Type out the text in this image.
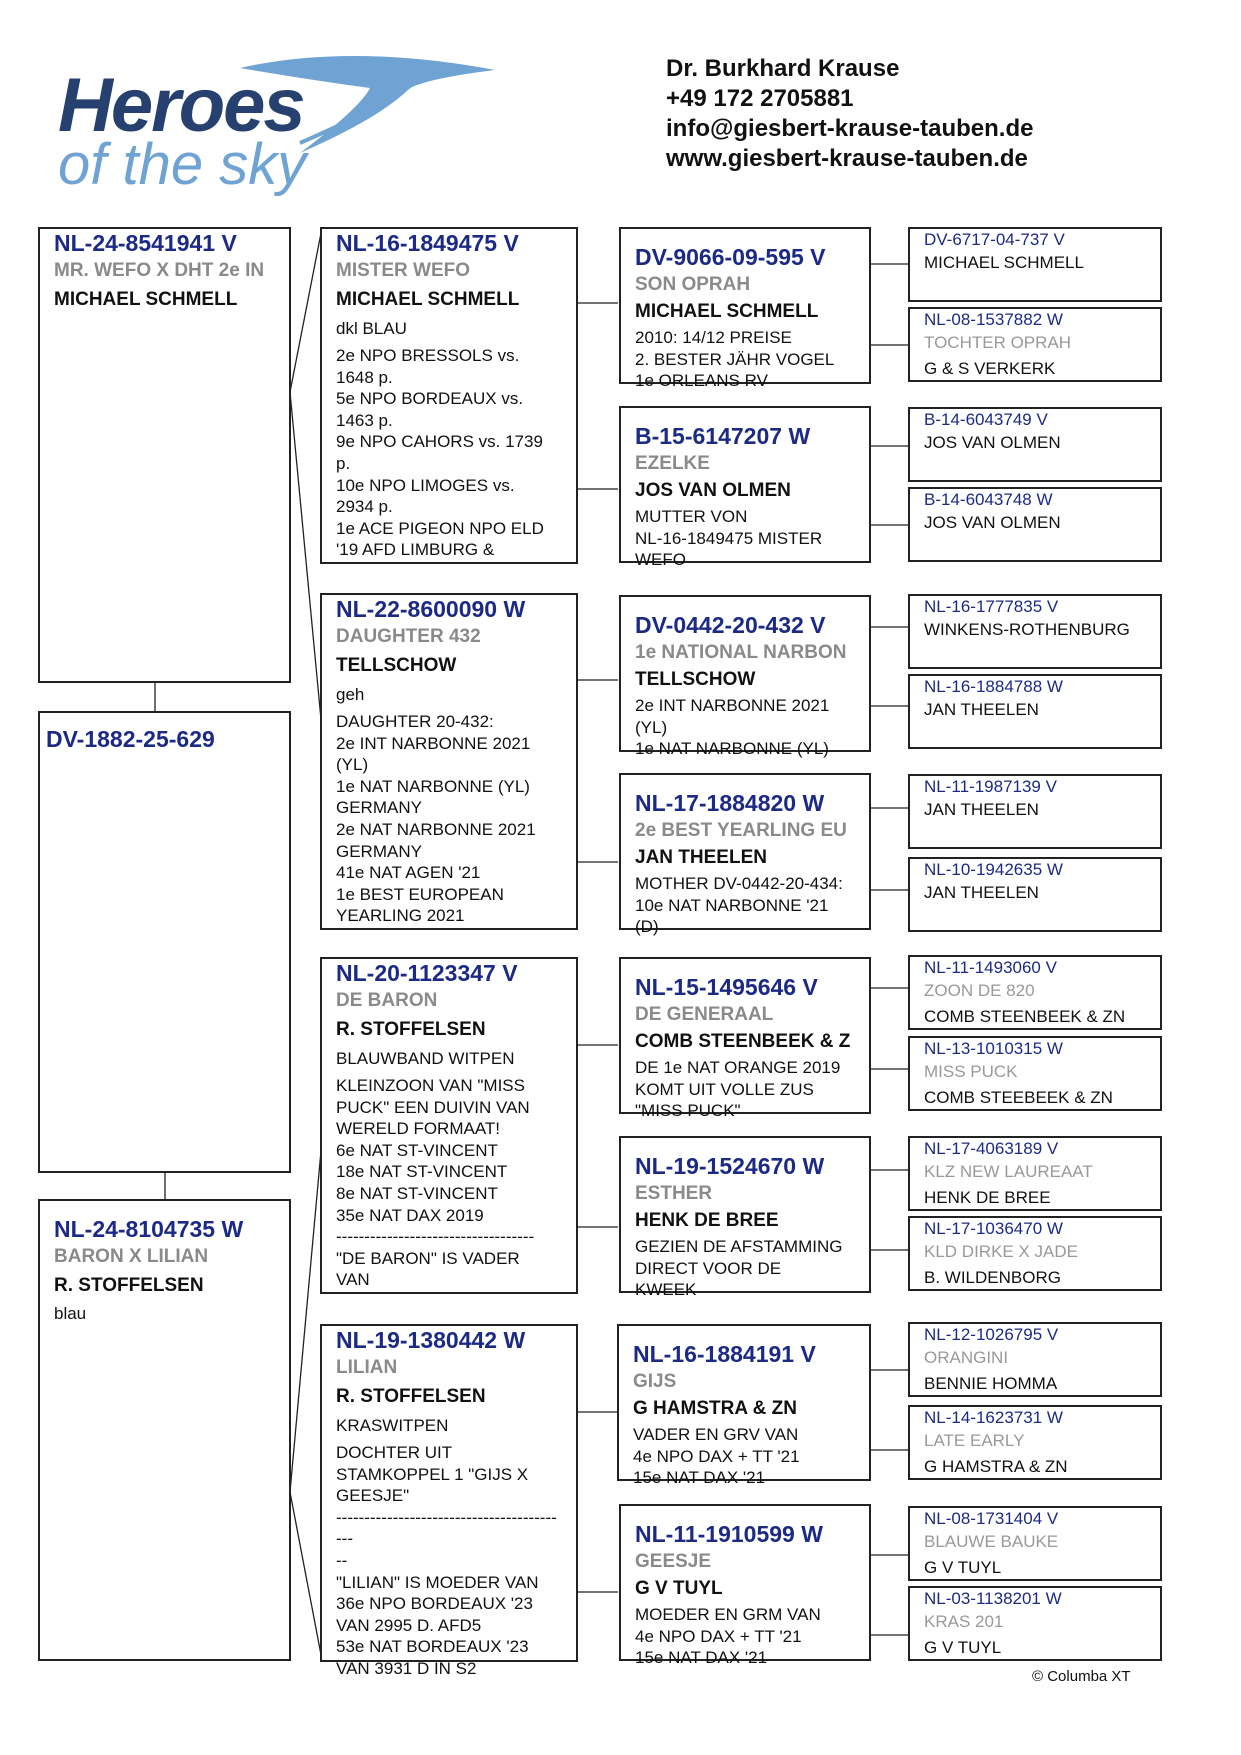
Heroes
of the sky
Dr. Burkhard Krause
+49 172 2705881
info@giesbert-krause-tauben.de
www.giesbert-krause-tauben.de
NL-24-8541941 V
MR. WEFO X DHT 2e IN
MICHAEL SCHMELL
DV-1882-25-629
NL-24-8104735 W
BARON X LILIAN
R. STOFFELSEN
blau
NL-16-1849475 V
MISTER WEFO
MICHAEL SCHMELL
dkl BLAU
2e NPO BRESSOLS vs.
1648 p.
5e NPO BORDEAUX vs.
1463 p.
9e NPO CAHORS vs. 1739
p.
10e NPO LIMOGES vs.
2934 p.
1e ACE PIGEON NPO ELD
'19 AFD LIMBURG &
NL-22-8600090 W
DAUGHTER 432
TELLSCHOW
geh
DAUGHTER 20-432:
2e INT NARBONNE 2021
(YL)
1e NAT NARBONNE (YL)
GERMANY
2e NAT NARBONNE 2021
GERMANY
41e NAT AGEN '21
1e BEST EUROPEAN
YEARLING 2021
NL-20-1123347 V
DE BARON
R. STOFFELSEN
BLAUWBAND WITPEN
KLEINZOON VAN "MISS
PUCK" EEN DUIVIN VAN
WERELD FORMAAT!
6e NAT ST-VINCENT
18e NAT ST-VINCENT
8e NAT ST-VINCENT
35e NAT DAX 2019
-----------------------------------
"DE BARON" IS VADER
VAN
NL-19-1380442 W
LILIAN
R. STOFFELSEN
KRASWITPEN
DOCHTER UIT
STAMKOPPEL 1 "GIJS X
GEESJE"
------------------------------------------
--
"LILIAN" IS MOEDER VAN
36e NPO BORDEAUX '23
VAN 2995 D. AFD5
53e NAT BORDEAUX '23
VAN 3931 D IN S2
DV-9066-09-595 V
SON OPRAH
MICHAEL SCHMELL
2010: 14/12 PREISE
2. BESTER JÄHR VOGEL
1e ORLEANS RV
B-15-6147207 W
EZELKE
JOS VAN OLMEN
MUTTER VON
NL-16-1849475 MISTER
WEFO
DV-0442-20-432 V
1e NATIONAL NARBON
TELLSCHOW
2e INT NARBONNE 2021
(YL)
1e NAT NARBONNE (YL)
NL-17-1884820 W
2e BEST YEARLING EU
JAN THEELEN
MOTHER DV-0442-20-434:
10e NAT NARBONNE '21
(D)
NL-15-1495646 V
DE GENERAAL
COMB STEENBEEK & Z
DE 1e NAT ORANGE 2019
KOMT UIT VOLLE ZUS
"MISS PUCK"
NL-19-1524670 W
ESTHER
HENK DE BREE
GEZIEN DE AFSTAMMING
DIRECT VOOR DE
KWEEK
NL-16-1884191 V
GIJS
G HAMSTRA & ZN
VADER EN GRV VAN
4e NPO DAX + TT '21
15e NAT DAX '21
NL-11-1910599 W
GEESJE
G V TUYL
MOEDER EN GRM VAN
4e NPO DAX + TT '21
15e NAT DAX '21
DV-6717-04-737 V
MICHAEL SCHMELL
NL-08-1537882 W
TOCHTER OPRAH
G & S VERKERK
B-14-6043749 V
JOS VAN OLMEN
B-14-6043748 W
JOS VAN OLMEN
NL-16-1777835 V
WINKENS-ROTHENBURG
NL-16-1884788 W
JAN THEELEN
NL-11-1987139 V
JAN THEELEN
NL-10-1942635 W
JAN THEELEN
NL-11-1493060 V
ZOON DE 820
COMB STEENBEEK & ZN
NL-13-1010315 W
MISS PUCK
COMB STEEBEEK & ZN
NL-17-4063189 V
KLZ NEW LAUREAAT
HENK DE BREE
NL-17-1036470 W
KLD DIRKE X JADE
B. WILDENBORG
NL-12-1026795 V
ORANGINI
BENNIE HOMMA
NL-14-1623731 W
LATE EARLY
G HAMSTRA & ZN
NL-08-1731404 V
BLAUWE BAUKE
G V TUYL
NL-03-1138201 W
KRAS 201
G V TUYL
© Columba XT
